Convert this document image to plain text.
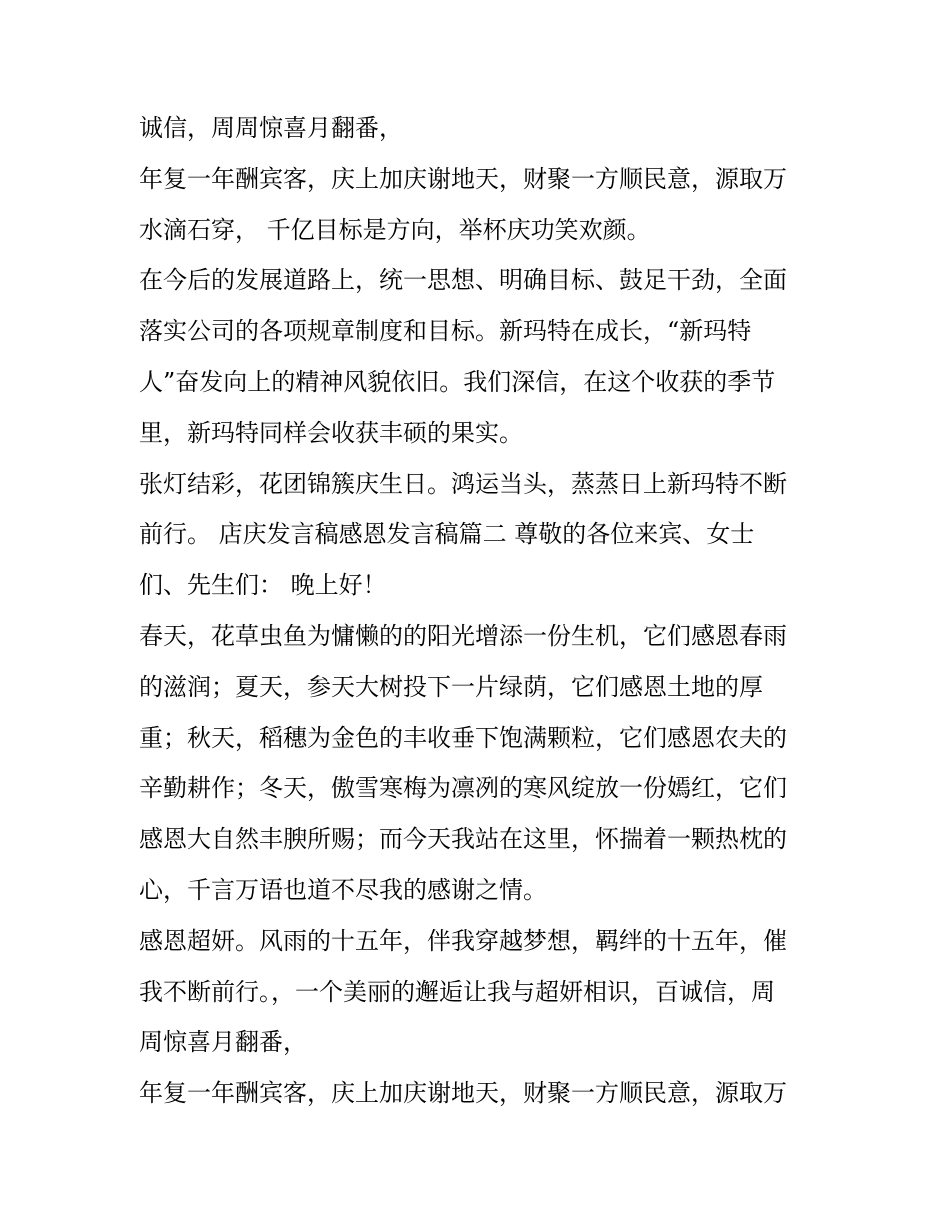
诚信，周周惊喜月翻番，
年复一年酬宾客，庆上加庆谢地天，财聚一方顺民意，源取万
水滴石穿， 千亿目标是方向，举杯庆功笑欢颜。
在今后的发展道路上，统一思想、明确目标、鼓足干劲，全面
落实公司的各项规章制度和目标。新玛特在成长，“新玛特
人”奋发向上的精神风貌依旧。我们深信，在这个收获的季节
里，新玛特同样会收获丰硕的果实。
张灯结彩，花团锦簇庆生日。鸿运当头，蒸蒸日上新玛特不断
前行。 店庆发言稿感恩发言稿篇二 尊敬的各位来宾、女士
们、先生们： 晚上好！
春天，花草虫鱼为慵懒的的阳光增添一份生机，它们感恩春雨
的滋润；夏天，参天大树投下一片绿荫，它们感恩土地的厚
重；秋天，稻穗为金色的丰收垂下饱满颗粒，它们感恩农夫的
辛勤耕作；冬天，傲雪寒梅为凛冽的寒风绽放一份嫣红，它们
感恩大自然丰腴所赐；而今天我站在这里，怀揣着一颗热枕的
心，千言万语也道不尽我的感谢之情。
感恩超妍。风雨的十五年，伴我穿越梦想，羁绊的十五年，催
我不断前行。，一个美丽的邂逅让我与超妍相识，百诚信，周
周惊喜月翻番，
年复一年酬宾客，庆上加庆谢地天，财聚一方顺民意，源取万
